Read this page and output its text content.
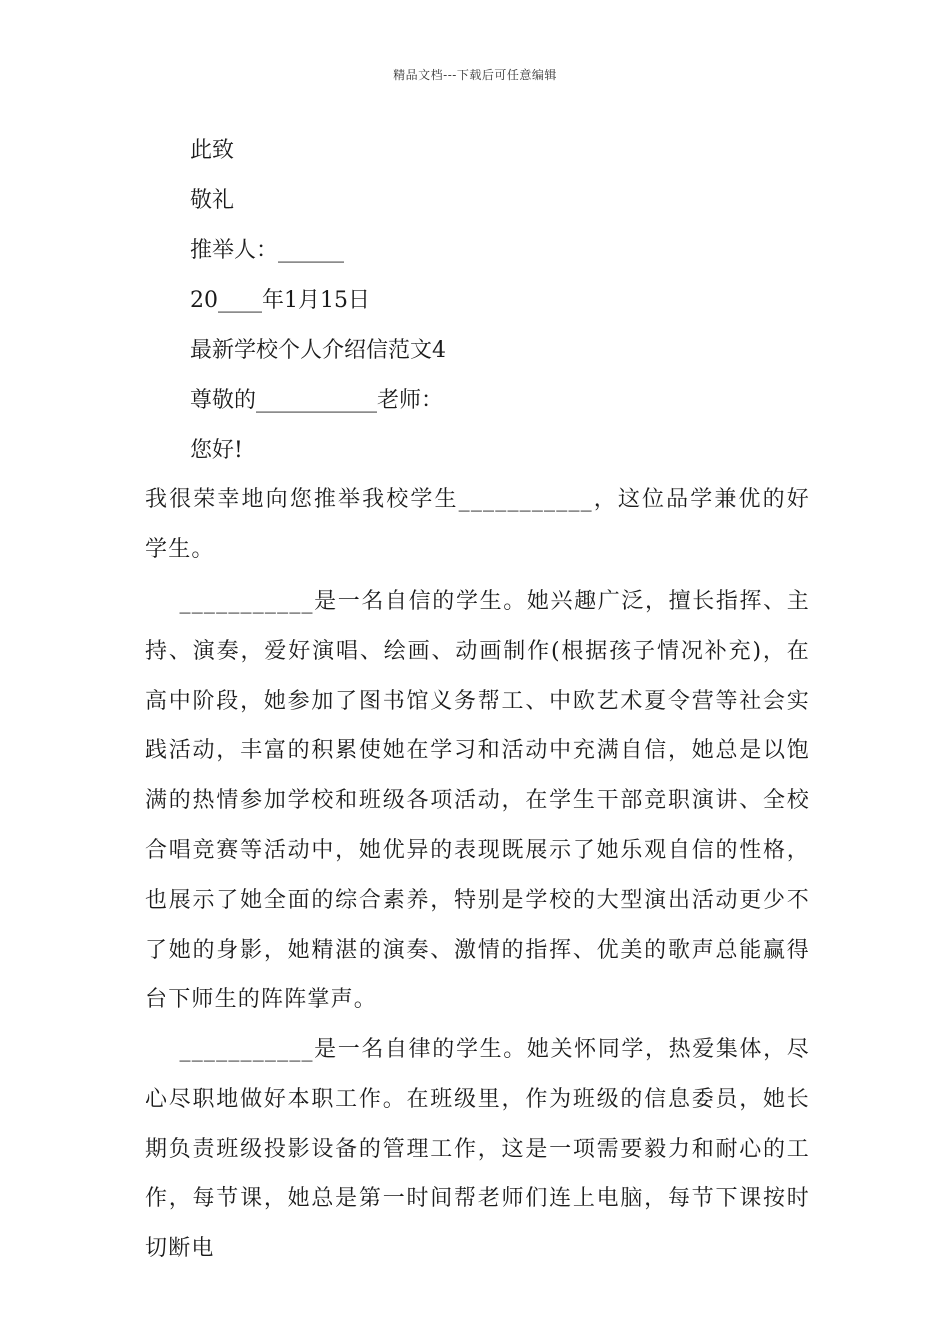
精品文档---下载后可任意编辑
此致
敬礼
推举人：______
20____年1月15日
最新学校个人介绍信范文4
尊敬的___________老师：
您好!

我很荣幸地向您推举我校学生___________，这位品学兼优的好学生。

___________是一名自信的学生。她兴趣广泛，擅长指挥、主持、演奏，爱好演唱、绘画、动画制作(根据孩子情况补充)，在高中阶段，她参加了图书馆义务帮工、中欧艺术夏令营等社会实践活动，丰富的积累使她在学习和活动中充满自信，她总是以饱满的热情参加学校和班级各项活动，在学生干部竞职演讲、全校合唱竞赛等活动中，她优异的表现既展示了她乐观自信的性格，也展示了她全面的综合素养，特别是学校的大型演出活动更少不了她的身影，她精湛的演奏、激情的指挥、优美的歌声总能赢得台下师生的阵阵掌声。

___________是一名自律的学生。她关怀同学，热爱集体，尽心尽职地做好本职工作。在班级里，作为班级的信息委员，她长期负责班级投影设备的管理工作，这是一项需要毅力和耐心的工作，每节课，她总是第一时间帮老师们连上电脑，每节下课按时切断电
